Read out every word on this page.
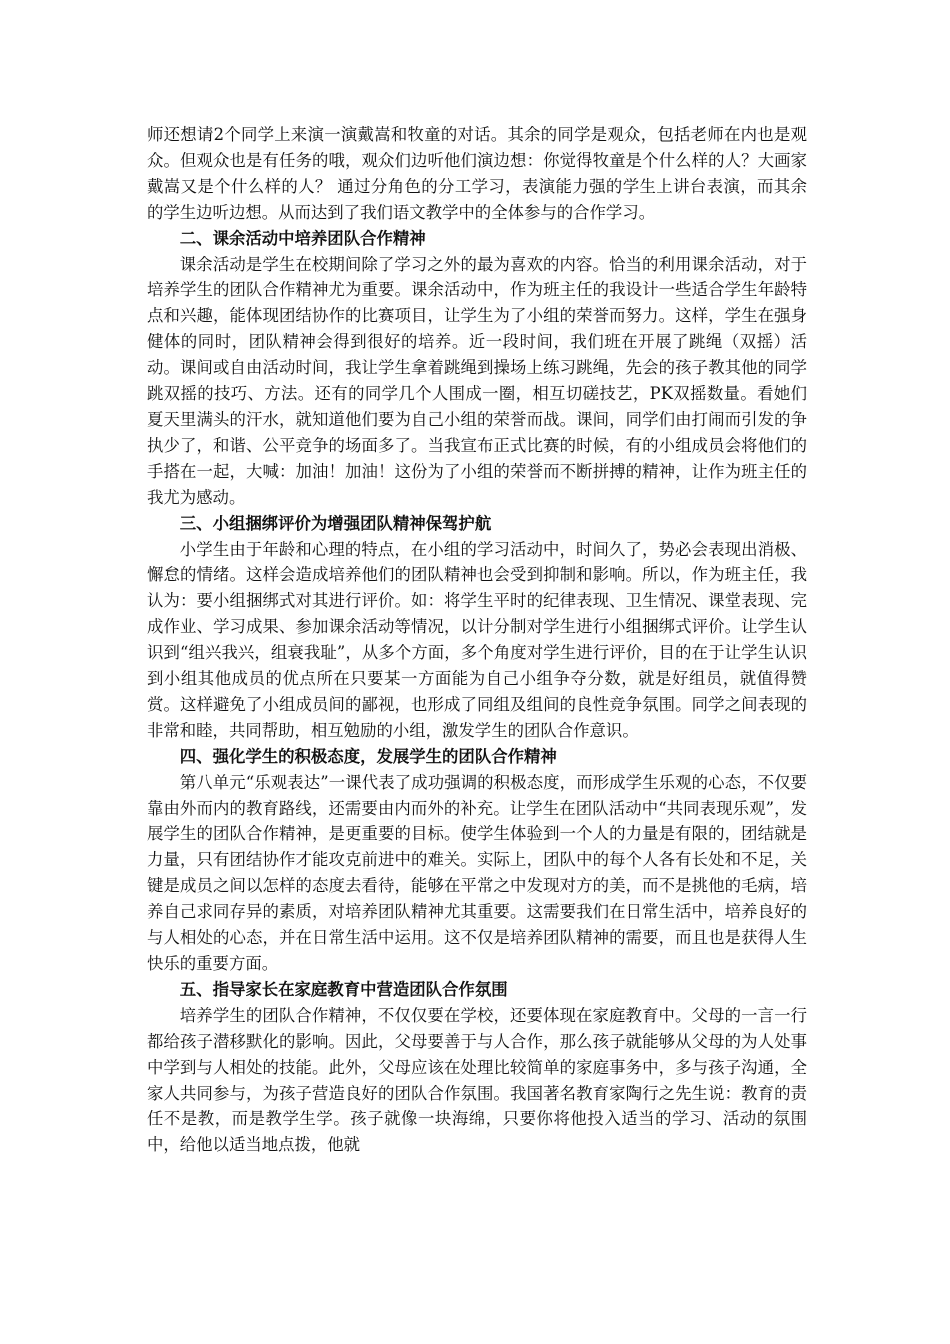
师还想请2个同学上来演一演戴嵩和牧童的对话。其余的同学是观众，包括老师在内也是观众。但观众也是有任务的哦，观众们边听他们演边想：你觉得牧童是个什么样的人？大画家戴嵩又是个什么样的人？ 通过分角色的分工学习，表演能力强的学生上讲台表演，而其余的学生边听边想。从而达到了我们语文教学中的全体参与的合作学习。

二、课余活动中培养团队合作精神

课余活动是学生在校期间除了学习之外的最为喜欢的内容。恰当的利用课余活动，对于培养学生的团队合作精神尤为重要。课余活动中，作为班主任的我设计一些适合学生年龄特点和兴趣，能体现团结协作的比赛项目，让学生为了小组的荣誉而努力。这样，学生在强身健体的同时，团队精神会得到很好的培养。近一段时间，我们班在开展了跳绳（双摇）活动。课间或自由活动时间，我让学生拿着跳绳到操场上练习跳绳，先会的孩子教其他的同学跳双摇的技巧、方法。还有的同学几个人围成一圈，相互切磋技艺，PK双摇数量。看她们夏天里满头的汗水，就知道他们要为自己小组的荣誉而战。课间，同学们由打闹而引发的争执少了，和谐、公平竞争的场面多了。当我宣布正式比赛的时候，有的小组成员会将他们的手搭在一起，大喊：加油！加油！这份为了小组的荣誉而不断拼搏的精神，让作为班主任的我尤为感动。

三、小组捆绑评价为增强团队精神保驾护航

小学生由于年龄和心理的特点，在小组的学习活动中，时间久了，势必会表现出消极、懈怠的情绪。这样会造成培养他们的团队精神也会受到抑制和影响。所以，作为班主任，我认为：要小组捆绑式对其进行评价。如：将学生平时的纪律表现、卫生情况、课堂表现、完成作业、学习成果、参加课余活动等情况，以计分制对学生进行小组捆绑式评价。让学生认识到“组兴我兴，组衰我耻”，从多个方面，多个角度对学生进行评价，目的在于让学生认识到小组其他成员的优点所在只要某一方面能为自己小组争夺分数，就是好组员，就值得赞赏。这样避免了小组成员间的鄙视，也形成了同组及组间的良性竞争氛围。同学之间表现的非常和睦，共同帮助，相互勉励的小组，激发学生的团队合作意识。

四、强化学生的积极态度，发展学生的团队合作精神

第八单元“乐观表达”一课代表了成功强调的积极态度，而形成学生乐观的心态，不仅要靠由外而内的教育路线，还需要由内而外的补充。让学生在团队活动中“共同表现乐观”，发展学生的团队合作精神，是更重要的目标。使学生体验到一个人的力量是有限的，团结就是力量，只有团结协作才能攻克前进中的难关。实际上，团队中的每个人各有长处和不足，关键是成员之间以怎样的态度去看待，能够在平常之中发现对方的美，而不是挑他的毛病，培养自己求同存异的素质，对培养团队精神尤其重要。这需要我们在日常生活中，培养良好的与人相处的心态，并在日常生活中运用。这不仅是培养团队精神的需要，而且也是获得人生快乐的重要方面。

五、指导家长在家庭教育中营造团队合作氛围

培养学生的团队合作精神，不仅仅要在学校，还要体现在家庭教育中。父母的一言一行都给孩子潜移默化的影响。因此，父母要善于与人合作，那么孩子就能够从父母的为人处事中学到与人相处的技能。此外，父母应该在处理比较简单的家庭事务中，多与孩子沟通，全家人共同参与，为孩子营造良好的团队合作氛围。我国著名教育家陶行之先生说：教育的责任不是教，而是教学生学。孩子就像一块海绵，只要你将他投入适当的学习、活动的氛围中，给他以适当地点拨，他就
